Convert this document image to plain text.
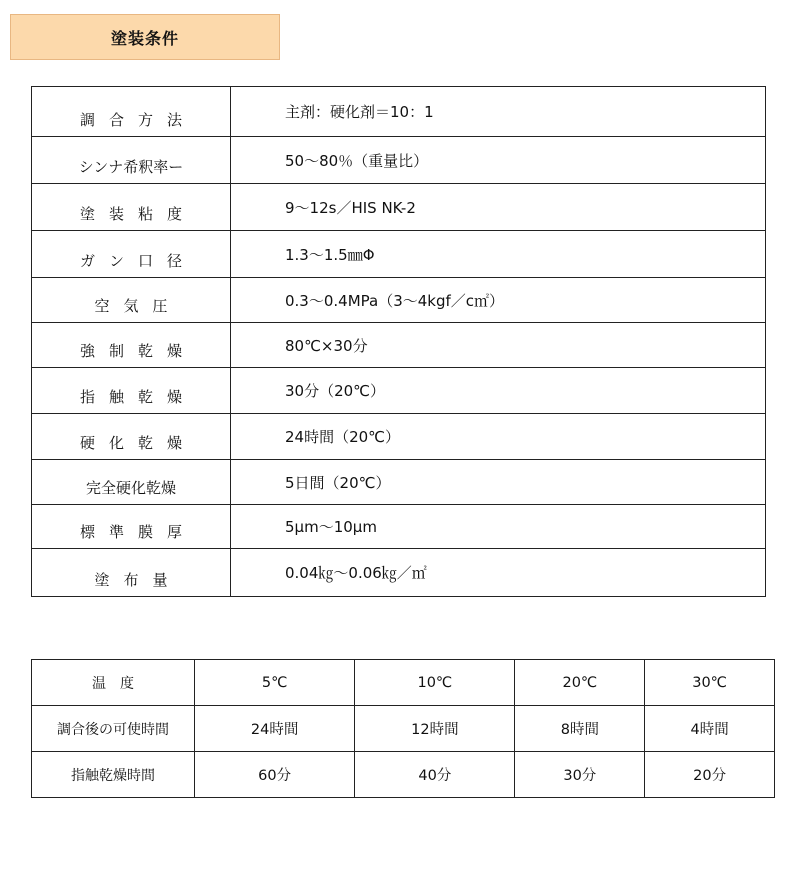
塗装条件
調合方法	主剤：硬化剤＝10：1
シンナ希釈率ー	50～80％（重量比）
塗装粘度	9～12s／HIS NK-2
ガン口径	1.3～1.5㎜Φ
空気圧	0.3～0.4MPa（3～4kgf／c㎡）
強制乾燥	80℃×30分
指触乾燥	30分（20℃）
硬化乾燥	24時間（20℃）
完全硬化乾燥	5日間（20℃）
標準膜厚	5μm～10μm
塗布量	0.04㎏～0.06㎏／㎡
温　度	5℃	10℃	20℃	30℃
調合後の可使時間	24時間	12時間	8時間	4時間
指触乾燥時間	60分	40分	30分	20分
